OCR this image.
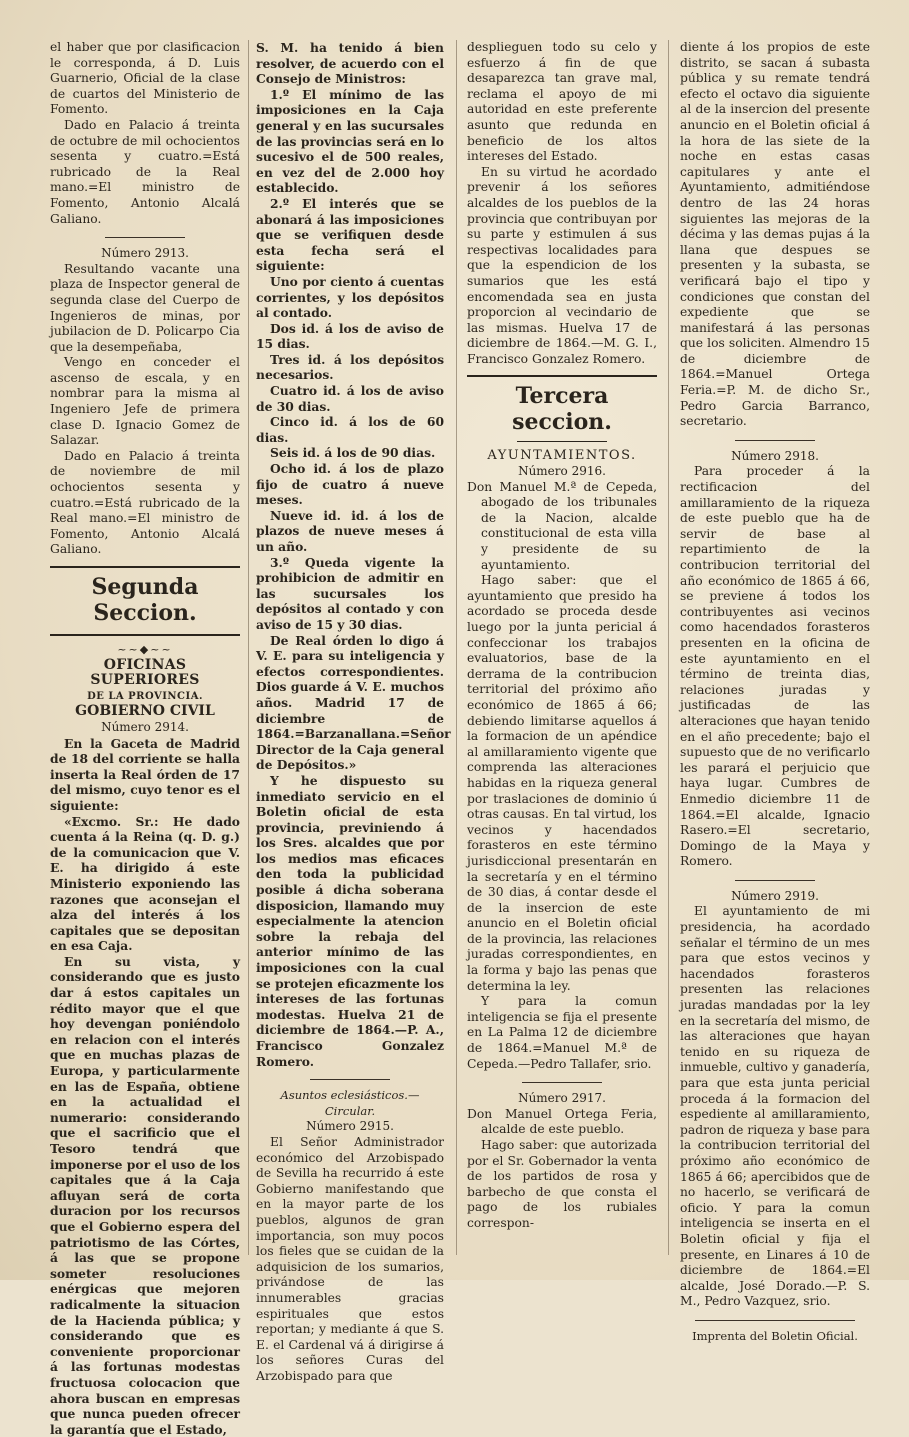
el haber que por clasificacion le corresponda, á D. Luis Guarnerio, Oficial de la clase de cuartos del Ministerio de Fomento.

Dado en Palacio á treinta de octubre de mil ochocientos sesenta y cuatro.=Está rubricado de la Real mano.=El ministro de Fomento, Antonio Alcalá Galiano.

Número 2913.

Resultando vacante una plaza de Inspector general de segunda clase del Cuerpo de Ingenieros de minas, por jubilacion de D. Policarpo Cia que la desempeñaba,

Vengo en conceder el ascenso de escala, y en nombrar para la misma al Ingeniero Jefe de primera clase D. Ignacio Gomez de Salazar.

Dado en Palacio á treinta de noviembre de mil ochocientos sesenta y cuatro.=Está rubricado de la Real mano.=El ministro de Fomento, Antonio Alcalá Galiano.

Segunda Seccion.

~~◆~~

OFICINAS SUPERIORES

DE LA PROVINCIA.

GOBIERNO CIVIL

Número 2914.

En la Gaceta de Madrid de 18 del corriente se halla inserta la Real órden de 17 del mismo, cuyo tenor es el siguiente:

«Excmo. Sr.: He dado cuenta á la Reina (q. D. g.) de la comunicacion que V. E. ha dirigido á este Ministerio exponiendo las razones que aconsejan el alza del interés á los capitales que se depositan en esa Caja.

En su vista, y considerando que es justo dar á estos capitales un rédito mayor que el que hoy devengan poniéndolo en relacion con el interés que en muchas plazas de Europa, y particularmente en las de España, obtiene en la actualidad el numerario: considerando que el sacrificio que el Tesoro tendrá que imponerse por el uso de los capitales que á la Caja afluyan será de corta duracion por los recursos que el Gobierno espera del patriotismo de las Córtes, á las que se propone someter resoluciones enérgicas que mejoren radicalmente la situacion de la Hacienda pública; y considerando que es conveniente proporcionar á las fortunas modestas fructuosa colocacion que ahora buscan en empresas que nunca pueden ofrecer la garantía que el Estado,

S. M. ha tenido á bien resolver, de acuerdo con el Consejo de Ministros:

1.º El mínimo de las imposiciones en la Caja general y en las sucursales de las provincias será en lo sucesivo el de 500 reales, en vez del de 2.000 hoy establecido.

2.º El interés que se abonará á las imposiciones que se verifiquen desde esta fecha será el siguiente:

Uno por ciento á cuentas corrientes, y los depósitos al contado.

Dos id. á los de aviso de 15 dias.

Tres id. á los depósitos necesarios.

Cuatro id. á los de aviso de 30 dias.

Cinco id. á los de 60 dias.

Seis id. á los de 90 dias.

Ocho id. á los de plazo fijo de cuatro á nueve meses.

Nueve id. id. á los de plazos de nueve meses á un año.

3.º Queda vigente la prohibicion de admitir en las sucursales los depósitos al contado y con aviso de 15 y 30 dias.

De Real órden lo digo á V. E. para su inteligencia y efectos correspondientes. Dios guarde á V. E. muchos años. Madrid 17 de diciembre de 1864.=Barzanallana.=Señor Director de la Caja general de Depósitos.»

Y he dispuesto su inmediato servicio en el Boletin oficial de esta provincia, previniendo á los Sres. alcaldes que por los medios mas eficaces den toda la publicidad posible á dicha soberana disposicion, llamando muy especialmente la atencion sobre la rebaja del anterior mínimo de las imposiciones con la cual se protejen eficazmente los intereses de las fortunas modestas. Huelva 21 de diciembre de 1864.—P. A., Francisco Gonzalez Romero.

Asuntos eclesiásticos.—Circular.

Número 2915.

El Señor Administrador económico del Arzobispado de Sevilla ha recurrido á este Gobierno manifestando que en la mayor parte de los pueblos, algunos de gran importancia, son muy pocos los fieles que se cuidan de la adquisicion de los sumarios, privándose de las innumerables gracias espirituales que estos reportan; y mediante á que S. E. el Cardenal vá á dirigirse á los señores Curas del Arzobispado para que

desplieguen todo su celo y esfuerzo á fin de que desaparezca tan grave mal, reclama el apoyo de mi autoridad en este preferente asunto que redunda en beneficio de los altos intereses del Estado.

En su virtud he acordado prevenir á los señores alcaldes de los pueblos de la provincia que contribuyan por su parte y estimulen á sus respectivas localidades para que la espendicion de los sumarios que les está encomendada sea en justa proporcion al vecindario de las mismas. Huelva 17 de diciembre de 1864.—M. G. I., Francisco Gonzalez Romero.

Tercera seccion.

AYUNTAMIENTOS.

Número 2916.

Don Manuel M.ª de Cepeda, abogado de los tribunales de la Nacion, alcalde constitucional de esta villa y presidente de su ayuntamiento.

Hago saber: que el ayuntamiento que presido ha acordado se proceda desde luego por la junta pericial á confeccionar los trabajos evaluatorios, base de la derrama de la contribucion territorial del próximo año económico de 1865 á 66; debiendo limitarse aquellos á la formacion de un apéndice al amillaramiento vigente que comprenda las alteraciones habidas en la riqueza general por traslaciones de dominio ú otras causas. En tal virtud, los vecinos y hacendados forasteros en este término jurisdiccional presentarán en la secretaría y en el término de 30 dias, á contar desde el de la insercion de este anuncio en el Boletin oficial de la provincia, las relaciones juradas correspondientes, en la forma y bajo las penas que determina la ley.

Y para la comun inteligencia se fija el presente en La Palma 12 de diciembre de 1864.=Manuel M.ª de Cepeda.—Pedro Tallafer, srio.

Número 2917.

Don Manuel Ortega Feria, alcalde de este pueblo.

Hago saber: que autorizada por el Sr. Gobernador la venta de los partidos de rosa y barbecho de que consta el pago de los rubiales correspon-

diente á los propios de este distrito, se sacan á subasta pública y su remate tendrá efecto el octavo dia siguiente al de la insercion del presente anuncio en el Boletin oficial á la hora de las siete de la noche en estas casas capitulares y ante el Ayuntamiento, admitiéndose dentro de las 24 horas siguientes las mejoras de la décima y las demas pujas á la llana que despues se presenten y la subasta, se verificará bajo el tipo y condiciones que constan del expediente que se manifestará á las personas que los soliciten. Almendro 15 de diciembre de 1864.=Manuel Ortega Feria.=P. M. de dicho Sr., Pedro Garcia Barranco, secretario.

Número 2918.

Para proceder á la rectificacion del amillaramiento de la riqueza de este pueblo que ha de servir de base al repartimiento de la contribucion territorial del año económico de 1865 á 66, se previene á todos los contribuyentes asi vecinos como hacendados forasteros presenten en la oficina de este ayuntamiento en el término de treinta dias, relaciones juradas y justificadas de las alteraciones que hayan tenido en el año precedente; bajo el supuesto que de no verificarlo les parará el perjuicio que haya lugar. Cumbres de Enmedio diciembre 11 de 1864.=El alcalde, Ignacio Rasero.=El secretario, Domingo de la Maya y Romero.

Número 2919.

El ayuntamiento de mi presidencia, ha acordado señalar el término de un mes para que estos vecinos y hacendados forasteros presenten las relaciones juradas mandadas por la ley en la secretaría del mismo, de las alteraciones que hayan tenido en su riqueza de inmueble, cultivo y ganadería, para que esta junta pericial proceda á la formacion del espediente al amillaramiento, padron de riqueza y base para la contribucion territorial del próximo año económico de 1865 á 66; apercibidos que de no hacerlo, se verificará de oficio. Y para la comun inteligencia se inserta en el Boletin oficial y fija el presente, en Linares á 10 de diciembre de 1864.=El alcalde, José Dorado.—P. S. M., Pedro Vazquez, srio.

Imprenta del Boletin Oficial.
